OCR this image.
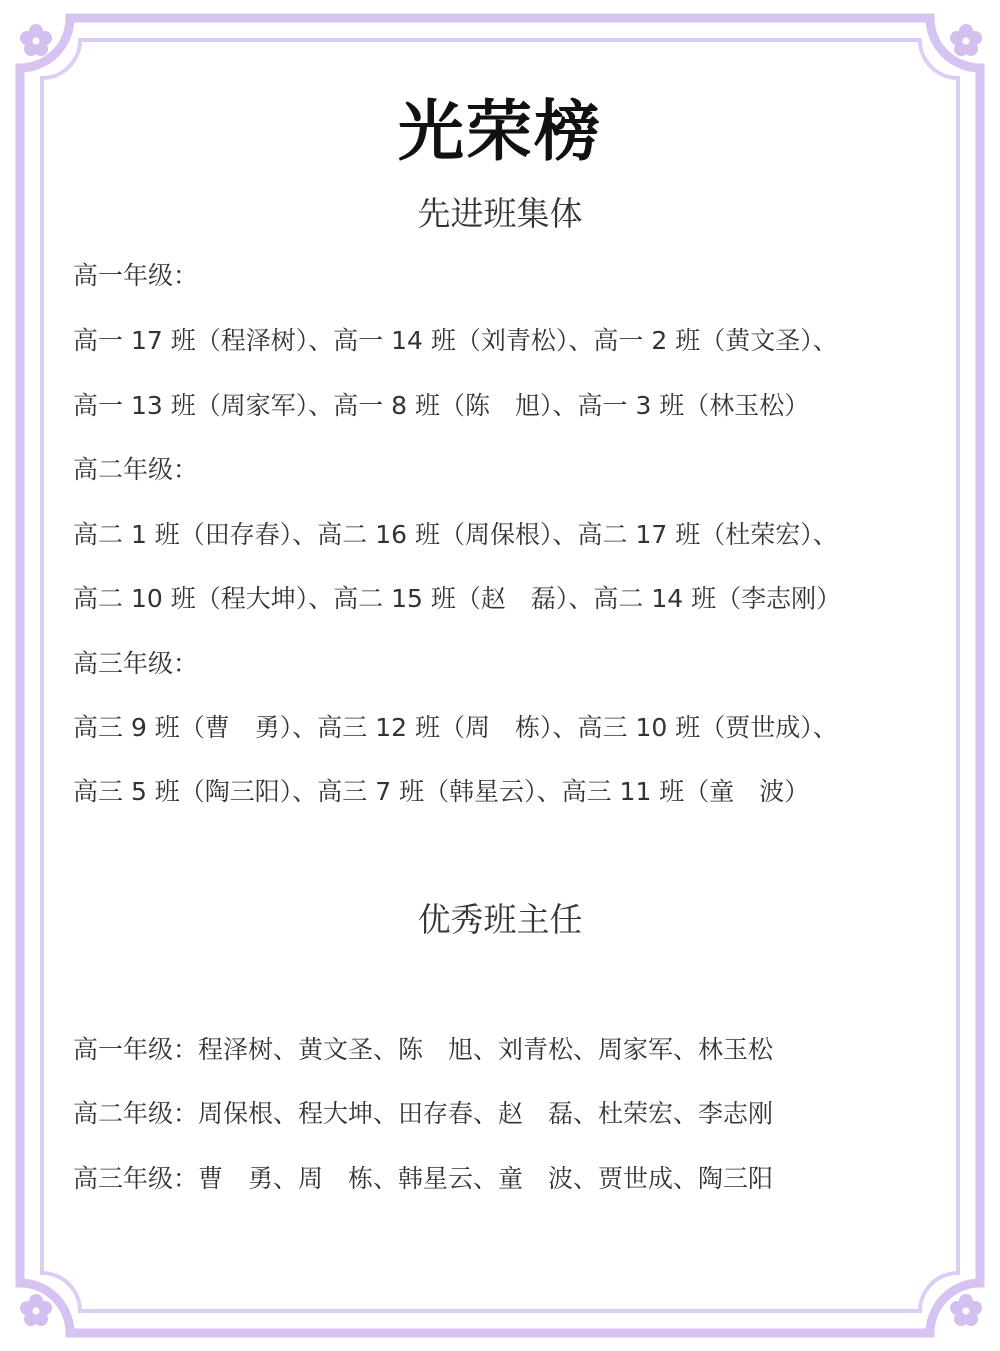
光荣榜
先进班集体
高一年级：
高一 17 班（程泽树）、高一 14 班（刘青松）、高一 2 班（黄文圣）、
高一 13 班（周家军）、高一 8 班（陈　旭）、高一 3 班（林玉松）
高二年级：
高二 1 班（田存春）、高二 16 班（周保根）、高二 17 班（杜荣宏）、
高二 10 班（程大坤）、高二 15 班（赵　磊）、高二 14 班（李志刚）
高三年级：
高三 9 班（曹　勇）、高三 12 班（周　栋）、高三 10 班（贾世成）、
高三 5 班（陶三阳）、高三 7 班（韩星云）、高三 11 班（童　波）
优秀班主任
高一年级：程泽树、黄文圣、陈　旭、刘青松、周家军、林玉松
高二年级：周保根、程大坤、田存春、赵　磊、杜荣宏、李志刚
高三年级：曹　勇、周　栋、韩星云、童　波、贾世成、陶三阳
